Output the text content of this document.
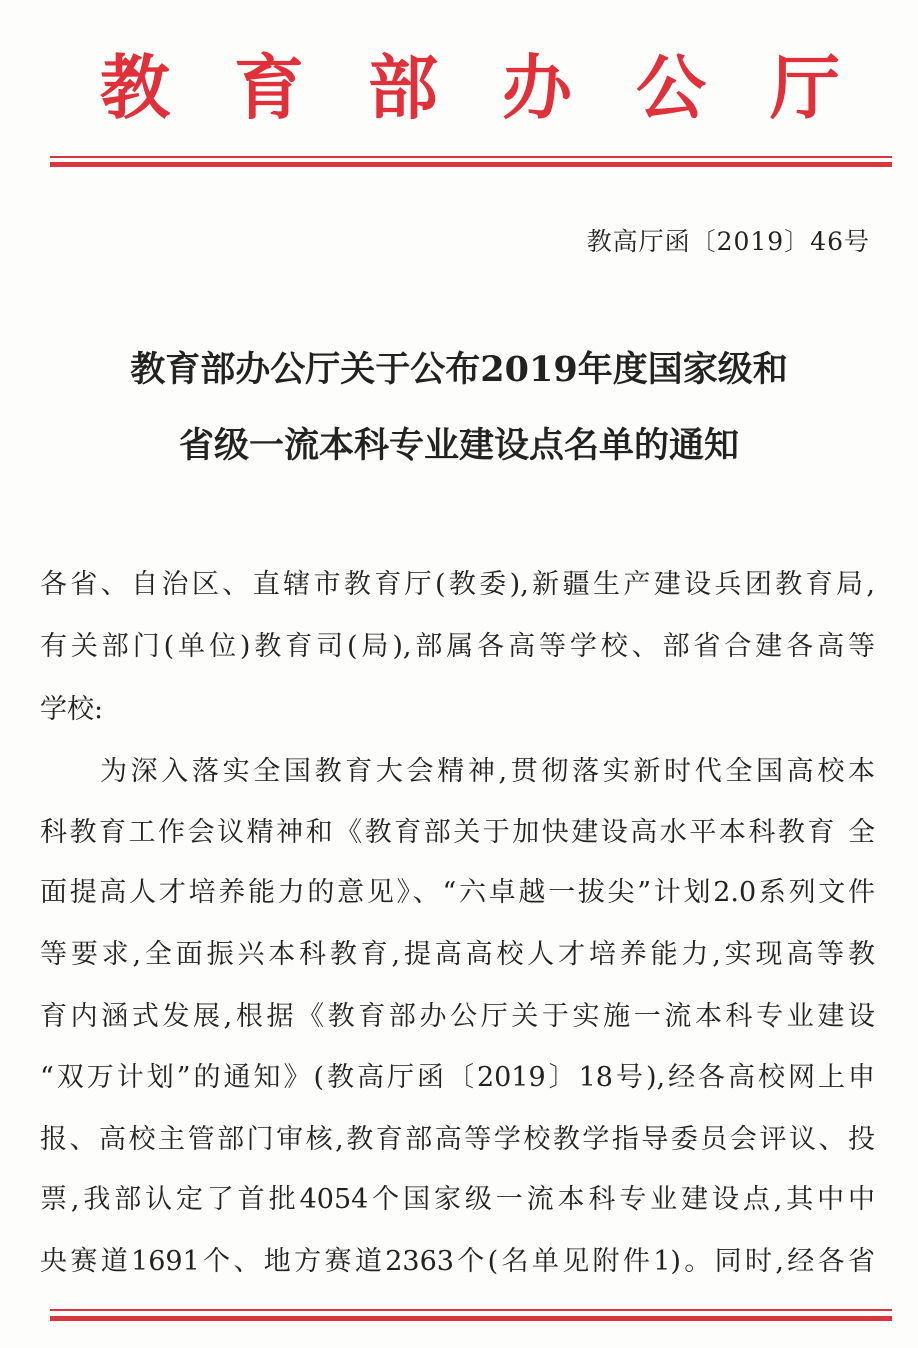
教 育 部 办 公 厅
教高厅函〔2019〕46号
教育部办公厅关于公布2019年度国家级和
省级一流本科专业建设点名单的通知
各省、自治区、直辖市教育厅(教委),新疆生产建设兵团教育局,
有关部门(单位)教育司(局),部属各高等学校、部省合建各高等
学校:
为深入落实全国教育大会精神,贯彻落实新时代全国高校本
科教育工作会议精神和《教育部关于加快建设高水平本科教育 全
面提高人才培养能力的意见》、“六卓越一拔尖”计划2.0系列文件
等要求,全面振兴本科教育,提高高校人才培养能力,实现高等教
育内涵式发展,根据《教育部办公厅关于实施一流本科专业建设
“双万计划”的通知》(教高厅函〔2019〕18号),经各高校网上申
报、高校主管部门审核,教育部高等学校教学指导委员会评议、投
票,我部认定了首批4054个国家级一流本科专业建设点,其中中
央赛道1691个、地方赛道2363个(名单见附件1)。同时,经各省
